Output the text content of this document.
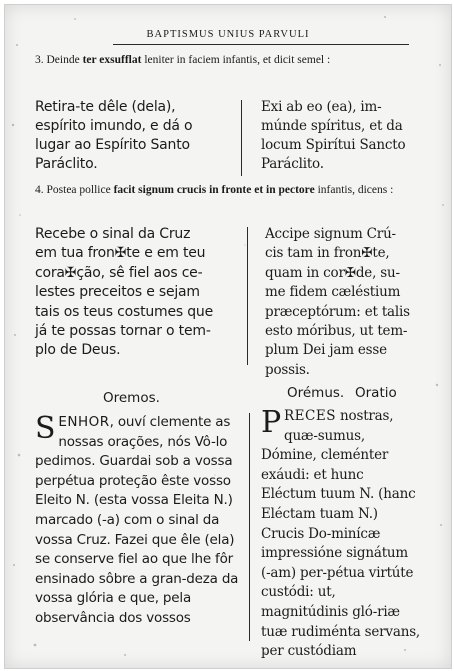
BAPTISMUS UNIUS PARVULI
3. Deinde ter exsufflat leniter in faciem infantis, et dicit semel :
Retira-te dêle (dela),
espírito imundo, e dá o
lugar ao Espírito Santo
Paráclito.
Exi ab eo (ea), im-
múnde spíritus, et da
locum Spirítui Sancto
Paráclito.
4. Postea pollice facit signum crucis in fronte et in pectore infantis, dicens :
Recebe o sinal da Cruz
em tua fron✠te e em teu
cora✠ção, sê fiel aos ce-
lestes preceitos e sejam
tais os teus costumes que
já te possas tornar o tem-
plo de Deus.
Accipe signum Crú-
cis tam in fron✠te,
quam in cor✠de, su-
me fidem cæléstium
præceptórum: et talis
esto móribus, ut tem-
plum Dei jam esse
possis.
Oremos.	Orémus. Oratio
SENHOR, ouví clemente as nossas orações, nós Vô-lo pedimos. Guardai sob a vossa perpétua proteção êste vosso Eleito N. (esta vossa Eleita N.) marcado (-a) com o sinal da vossa Cruz. Fazei que êle (ela) se conserve fiel ao que lhe fôr ensinado sôbre a gran-deza da vossa glória e que, pela observância dos vossos
PRECES nostras, quæ-sumus, Dómine, cleménter exáudi: et hunc Eléctum tuum N. (hanc Eléctam tuam N.) Crucis Do-minícæ impressióne signátum (-am) per-pétua virtúte custódi: ut, magnitúdinis gló-riæ tuæ rudiménta servans, per custódiam
